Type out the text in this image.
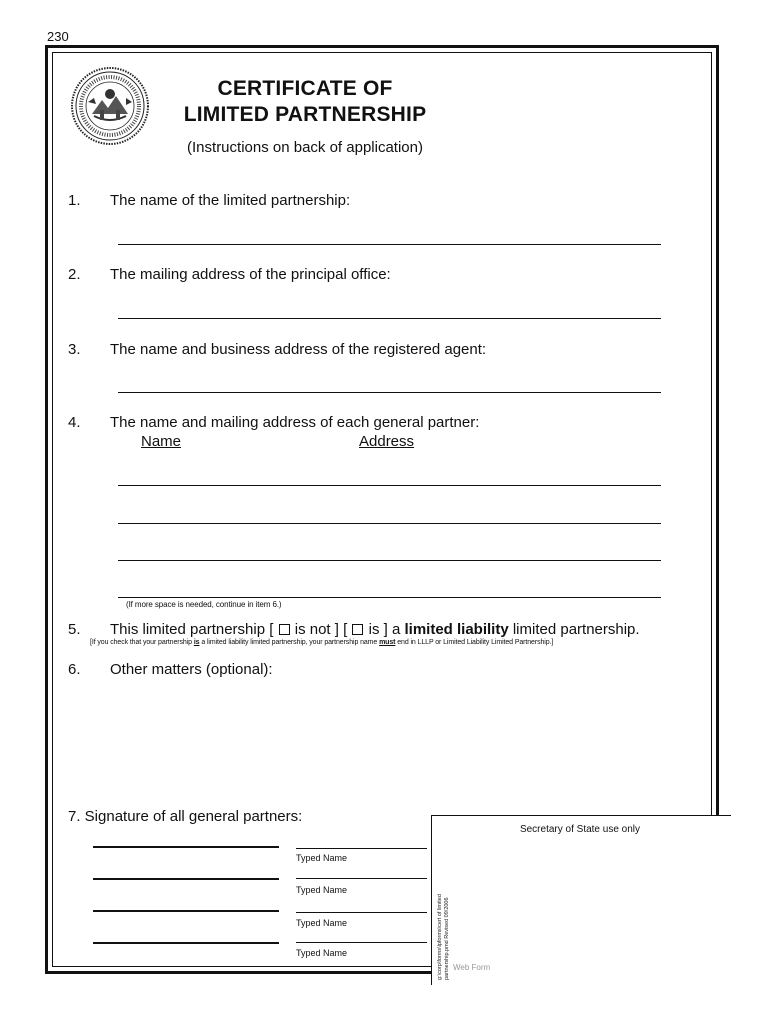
230
CERTIFICATE OF
LIMITED PARTNERSHIP
(Instructions on back of application)
1. The name of the limited partnership:
2. The mailing address of the principal office:
3. The name and business address of the registered agent:
4. The name and mailing address of each general partner:
Name	Address
(If more space is needed, continue in item 6.)
5. This limited partnership [ is not ] [ is ] a limited liability limited partnership.
[If you check that your partnership is a limited liability limited partnership, your partnership name must end in LLLP or Limited Liability Limited Partnership.]
6. Other matters (optional):
7. Signature of all general partners:
Secretary of State use only
Typed Name
Typed Name
Typed Name
Typed Name	g:\corp\forms\lpforms\cert of limited partnership.pmd Revised 09/2006 Web Form
